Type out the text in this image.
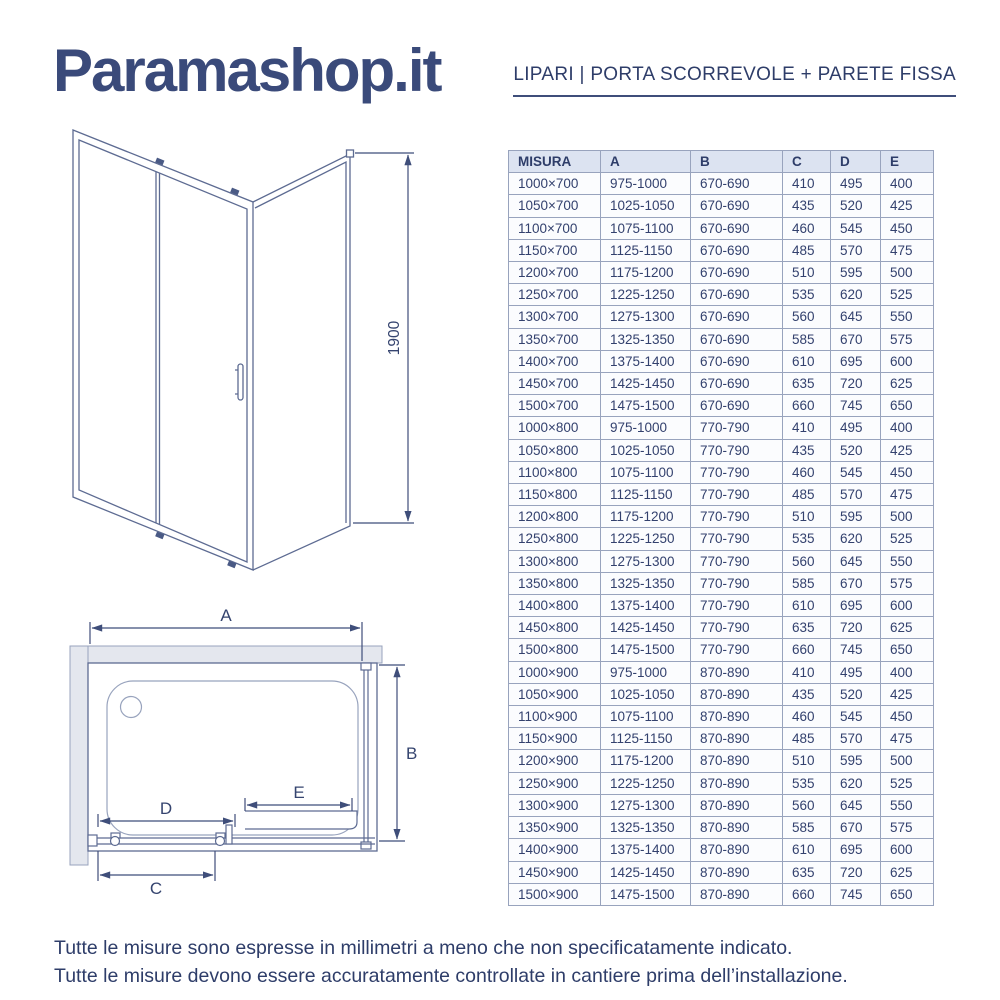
Paramashop.it	LIPARI | PORTA SCORREVOLE + PARETE FISSA
1900
A
B
E
D
C
MISURA	A	B	C	D	E
1000×700	975-1000	670-690	410	495	400
1050×700	1025-1050	670-690	435	520	425
1100×700	1075-1100	670-690	460	545	450
1150×700	1125-1150	670-690	485	570	475
1200×700	1175-1200	670-690	510	595	500
1250×700	1225-1250	670-690	535	620	525
1300×700	1275-1300	670-690	560	645	550
1350×700	1325-1350	670-690	585	670	575
1400×700	1375-1400	670-690	610	695	600
1450×700	1425-1450	670-690	635	720	625
1500×700	1475-1500	670-690	660	745	650
1000×800	975-1000	770-790	410	495	400
1050×800	1025-1050	770-790	435	520	425
1100×800	1075-1100	770-790	460	545	450
1150×800	1125-1150	770-790	485	570	475
1200×800	1175-1200	770-790	510	595	500
1250×800	1225-1250	770-790	535	620	525
1300×800	1275-1300	770-790	560	645	550
1350×800	1325-1350	770-790	585	670	575
1400×800	1375-1400	770-790	610	695	600
1450×800	1425-1450	770-790	635	720	625
1500×800	1475-1500	770-790	660	745	650
1000×900	975-1000	870-890	410	495	400
1050×900	1025-1050	870-890	435	520	425
1100×900	1075-1100	870-890	460	545	450
1150×900	1125-1150	870-890	485	570	475
1200×900	1175-1200	870-890	510	595	500
1250×900	1225-1250	870-890	535	620	525
1300×900	1275-1300	870-890	560	645	550
1350×900	1325-1350	870-890	585	670	575
1400×900	1375-1400	870-890	610	695	600
1450×900	1425-1450	870-890	635	720	625
1500×900	1475-1500	870-890	660	745	650
Tutte le misure sono espresse in millimetri a meno che non specificatamente indicato.
Tutte le misure devono essere accuratamente controllate in cantiere prima dell’installazione.
